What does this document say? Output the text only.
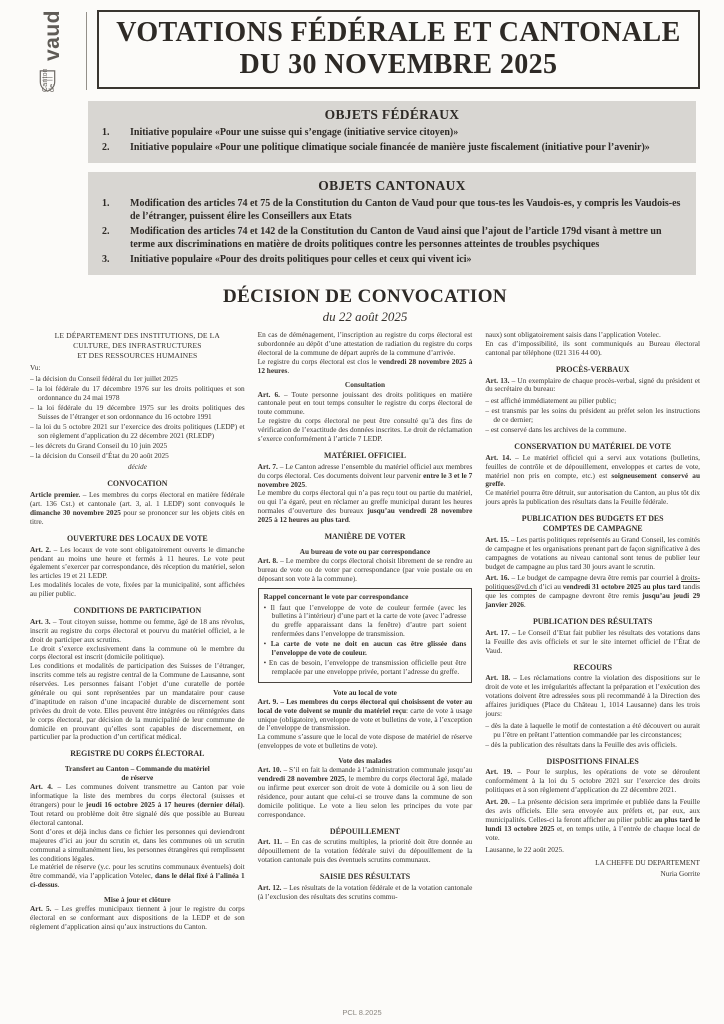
Canton de
vaud	VOTATIONS FÉDÉRALE ET CANTONALE
DU 30 NOVEMBRE 2025
OBJETS FÉDÉRAUX
1.	Initiative populaire «Pour une suisse qui s’engage (initiative service citoyen)»
2.	Initiative populaire «Pour une politique climatique sociale financée de manière juste fiscalement (initiative pour l’avenir)»
OBJETS CANTONAUX
1.	Modification des articles 74 et 75 de la Constitution du Canton de Vaud pour que tous-tes les Vaudois-es, y compris les Vaudois-es de l’étranger, puissent élire les Conseillers aux Etats
2.	Modification des articles 74 et 142 de la Constitution du Canton de Vaud ainsi que l’ajout de l’article 179d visant à mettre un terme aux discriminations en matière de droits politiques contre les personnes atteintes de troubles psychiques
3.	Initiative populaire «Pour des droits politiques pour celles et ceux qui vivent ici»
DÉCISION DE CONVOCATION
du 22 août 2025
LE DÉPARTEMENT DES INSTITUTIONS, DE LA
CULTURE, DES INFRASTRUCTURES
ET DES RESSOURCES HUMAINES
Vu:
– la décision du Conseil fédéral du 1er juillet 2025
– la loi fédérale du 17 décembre 1976 sur les droits politiques et son ordonnance du 24 mai 1978
– la loi fédérale du 19 décembre 1975 sur les droits politiques des Suisses de l’étranger et son ordonnance du 16 octobre 1991
– la loi du 5 octobre 2021 sur l’exercice des droits politiques (LEDP) et son règlement d’application du 22 décembre 2021 (RLEDP)
– les décrets du Grand Conseil du 10 juin 2025
– la décision du Conseil d’État du 20 août 2025
décide
CONVOCATION
Article premier. – Les membres du corps électoral en matière fédérale (art. 136 Cst.) et cantonale (art. 3, al. 1 LEDP) sont convoqués le dimanche 30 novembre 2025 pour se prononcer sur les objets cités en titre.
OUVERTURE DES LOCAUX DE VOTE
Art. 2. – Les locaux de vote sont obligatoirement ouverts le dimanche pendant au moins une heure et fermés à 11 heures. Le vote peut également s’exercer par correspondance, dès réception du matériel, selon les articles 19 et 21 LEDP.
Les modalités locales de vote, fixées par la municipalité, sont affichées au pilier public.
CONDITIONS DE PARTICIPATION
Art. 3. – Tout citoyen suisse, homme ou femme, âgé de 18 ans révolus, inscrit au registre du corps électoral et pourvu du matériel officiel, a le droit de participer aux scrutins.
Le droit s’exerce exclusivement dans la commune où le membre du corps électoral est inscrit (domicile politique).
Les conditions et modalités de participation des Suisses de l’étranger, inscrits comme tels au registre central de la Commune de Lausanne, sont réservées. Les personnes faisant l’objet d’une curatelle de portée générale ou qui sont représentées par un mandataire pour cause d’inaptitude en raison d’une incapacité durable de discernement sont privées du droit de vote. Elles peuvent être intégrées ou réintégrées dans le corps électoral, par décision de la municipalité de leur commune de domicile en prouvant qu’elles sont capables de discernement, en particulier par la production d’un certificat médical.
REGISTRE DU CORPS ÉLECTORAL
Transfert au Canton – Commande du matériel
de réserve
Art. 4. – Les communes doivent transmettre au Canton par voie informatique la liste des membres du corps électoral (suisses et étrangers) pour le jeudi 16 octobre 2025 à 17 heures (dernier délai). Tout retard ou problème doit être signalé dès que possible au Bureau électoral cantonal.
Sont d’ores et déjà inclus dans ce fichier les personnes qui deviendront majeures d’ici au jour du scrutin et, dans les communes où un scrutin communal a simultanément lieu, les personnes étrangères qui remplissent les conditions légales.
Le matériel de réserve (y.c. pour les scrutins communaux éventuels) doit être commandé, via l’application Votelec, dans le délai fixé à l’alinéa 1 ci-dessus.
Mise à jour et clôture
Art. 5. – Les greffes municipaux tiennent à jour le registre du corps électoral en se conformant aux dispositions de la LEDP et de son règlement d’application ainsi qu’aux instructions du Canton.
En cas de déménagement, l’inscription au registre du corps électoral est subordonnée au dépôt d’une attestation de radiation du registre du corps électoral de la commune de départ auprès de la commune d’arrivée.
Le registre du corps électoral est clos le vendredi 28 novembre 2025 à 12 heures.
Consultation
Art. 6. – Toute personne jouissant des droits politiques en matière cantonale peut en tout temps consulter le registre du corps électoral de toute commune.
Le registre du corps électoral ne peut être consulté qu’à des fins de vérification de l’exactitude des données inscrites. Le droit de réclamation s’exerce conformément à l’article 7 LEDP.
MATÉRIEL OFFICIEL
Art. 7. – Le Canton adresse l’ensemble du matériel officiel aux membres du corps électoral. Ces documents doivent leur parvenir entre le 3 et le 7 novembre 2025.
Le membre du corps électoral qui n’a pas reçu tout ou partie du matériel, ou qui l’a égaré, peut en réclamer au greffe municipal durant les heures normales d’ouverture des bureaux jusqu’au vendredi 28 novembre 2025 à 12 heures au plus tard.
MANIÈRE DE VOTER
Au bureau de vote ou par correspondance
Art. 8. – Le membre du corps électoral choisit librement de se rendre au bureau de vote ou de voter par correspondance (par voie postale ou en déposant son vote à la commune).
Rappel concernant le vote par correspondance
• Il faut que l’enveloppe de vote de couleur fermée (avec les bulletins à l’intérieur) d’une part et la carte de vote (avec l’adresse du greffe apparaissant dans la fenêtre) d’autre part soient renfermées dans l’enveloppe de transmission.
• La carte de vote ne doit en aucun cas être glissée dans l’enveloppe de vote de couleur.
• En cas de besoin, l’enveloppe de transmission officielle peut être remplacée par une enveloppe privée, portant l’adresse du greffe.
Vote au local de vote
Art. 9. – Les membres du corps électoral qui choisissent de voter au local de vote doivent se munir du matériel reçu: carte de vote à usage unique (obligatoire), enveloppe de vote et bulletins de vote, à l’exception de l’enveloppe de transmission.
La commune s’assure que le local de vote dispose de matériel de réserve (enveloppes de vote et bulletins de vote).
Vote des malades
Art. 10. – S’il en fait la demande à l’administration communale jusqu’au vendredi 28 novembre 2025, le membre du corps électoral âgé, malade ou infirme peut exercer son droit de vote à domicile ou à son lieu de résidence, pour autant que celui-ci se trouve dans la commune de son domicile politique. Le vote a lieu selon les principes du vote par correspondance.
DÉPOUILLEMENT
Art. 11. – En cas de scrutins multiples, la priorité doit être donnée au dépouillement de la votation fédérale suivi du dépouillement de la votation cantonale puis des éventuels scrutins communaux.
SAISIE DES RÉSULTATS
Art. 12. – Les résultats de la votation fédérale et de la votation cantonale (à l’exclusion des résultats des scrutins commu-
naux) sont obligatoirement saisis dans l’application Votelec.
En cas d’impossibilité, ils sont communiqués au Bureau électoral cantonal par téléphone (021 316 44 00).
PROCÈS-VERBAUX
Art. 13. – Un exemplaire de chaque procès-verbal, signé du président et du secrétaire du bureau:
– est affiché immédiatement au pilier public;
– est transmis par les soins du président au préfet selon les instructions de ce dernier;
– est conservé dans les archives de la commune.
CONSERVATION DU MATÉRIEL DE VOTE
Art. 14. – Le matériel officiel qui a servi aux votations (bulletins, feuilles de contrôle et de dépouillement, enveloppes et cartes de vote, matériel non pris en compte, etc.) est soigneusement conservé au greffe.
Ce matériel pourra être détruit, sur autorisation du Canton, au plus tôt dix jours après la publication des résultats dans la Feuille fédérale.
PUBLICATION DES BUDGETS ET DES
COMPTES DE CAMPAGNE
Art. 15. – Les partis politiques représentés au Grand Conseil, les comités de campagne et les organisations prenant part de façon significative à des campagnes de votations au niveau cantonal sont tenus de publier leur budget de campagne au plus tard 30 jours avant le scrutin.
Art. 16. – Le budget de campagne devra être remis par courriel à droits-politiques@vd.ch d’ici au vendredi 31 octobre 2025 au plus tard tandis que les comptes de campagne devront être remis jusqu’au jeudi 29 janvier 2026.
PUBLICATION DES RÉSULTATS
Art. 17. – Le Conseil d’Etat fait publier les résultats des votations dans la Feuille des avis officiels et sur le site internet officiel de l’État de Vaud.
RECOURS
Art. 18. – Les réclamations contre la violation des dispositions sur le droit de vote et les irrégularités affectant la préparation et l’exécution des votations doivent être adressées sous pli recommandé à la Direction des affaires juridiques (Place du Château 1, 1014 Lausanne) dans les trois jours:
– dès la date à laquelle le motif de contestation a été découvert ou aurait pu l’être en prêtant l’attention commandée par les circonstances;
– dès la publication des résultats dans la Feuille des avis officiels.
DISPOSITIONS FINALES
Art. 19. – Pour le surplus, les opérations de vote se déroulent conformément à la loi du 5 octobre 2021 sur l’exercice des droits politiques et à son règlement d’application du 22 décembre 2021.
Art. 20. – La présente décision sera imprimée et publiée dans la Feuille des avis officiels. Elle sera envoyée aux préfets et, par eux, aux municipalités. Celles-ci la feront afficher au pilier public au plus tard le lundi 13 octobre 2025 et, en temps utile, à l’entrée de chaque local de vote.
Lausanne, le 22 août 2025.
LA CHEFFE DU DEPARTEMENT
Nuria Gorrite
PCL 8.2025
